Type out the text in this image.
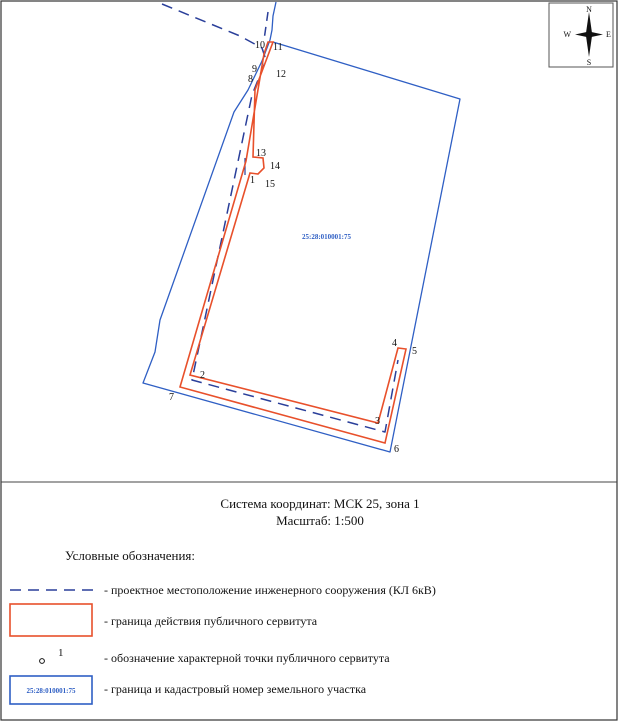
N
S
W	E
1
2
3
4
5
6
7
8
9
10 11
12
13
14
15
25:28:010001:75
Система координат: МСК 25, зона 1
Масштаб: 1:500
Условные обозначения:
- проектное местоположение инженерного сооружения (КЛ 6кВ)
- граница действия публичного сервитута
1	- обозначение характерной точки публичного сервитута
25:28:010001:75 - граница и кадастровый номер земельного участка
